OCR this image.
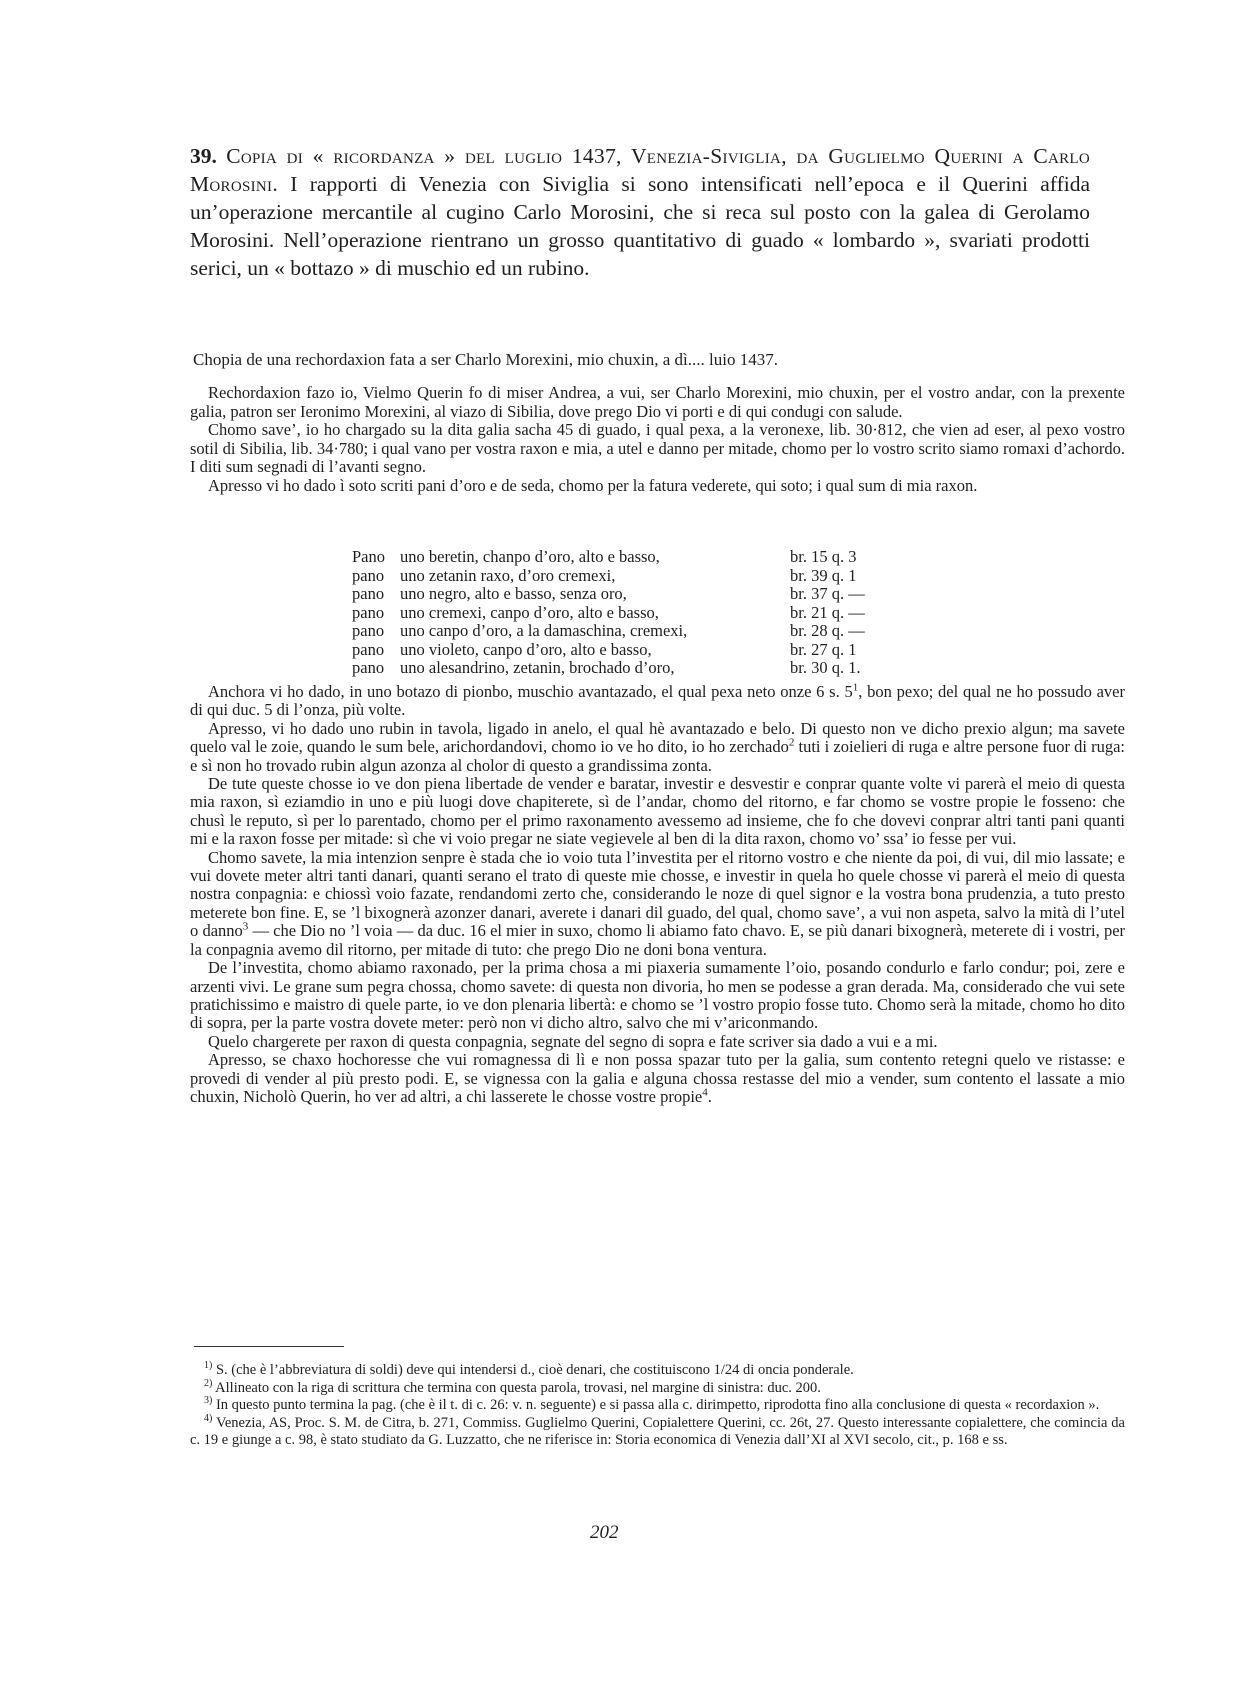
39. Copia di « ricordanza » del luglio 1437, Venezia-Siviglia, da Guglielmo Querini a Carlo Morosini. I rapporti di Venezia con Siviglia si sono intensificati nell’epoca e il Querini affida un’operazione mercantile al cugino Carlo Morosini, che si reca sul posto con la galea di Gerolamo Morosini. Nell’operazione rientrano un grosso quantitativo di guado « lombardo », svariati prodotti serici, un « bottazo » di muschio ed un rubino.
Chopia de una rechordaxion fata a ser Charlo Morexini, mio chuxin, a dì.... luio 1437.

Rechordaxion fazo io, Vielmo Querin fo di miser Andrea, a vui, ser Charlo Morexini, mio chuxin, per el vostro andar, con la prexente galia, patron ser Ieronimo Morexini, al viazo di Sibilia, dove prego Dio vi porti e di qui condugi con salude.

Chomo save’, io ho chargado su la dita galia sacha 45 di guado, i qual pexa, a la veronexe, lib. 30·812, che vien ad eser, al pexo vostro sotil di Sibilia, lib. 34·780; i qual vano per vostra raxon e mia, a utel e danno per mitade, chomo per lo vostro scrito siamo romaxi d’achordo. I diti sum segnadi di l’avanti segno.

Apresso vi ho dado ì soto scriti pani d’oro e de seda, chomo per la fatura vederete, qui soto; i qual sum di mia raxon.

Pano	uno beretin, chanpo d’oro, alto e basso,	br. 15 q. 3
pano	uno zetanin raxo, d’oro cremexi,	br. 39 q. 1
pano	uno negro, alto e basso, senza oro,	br. 37 q. —
pano	uno cremexi, canpo d’oro, alto e basso,	br. 21 q. —
pano	uno canpo d’oro, a la damaschina, cremexi,	br. 28 q. —
pano	uno violeto, canpo d’oro, alto e basso,	br. 27 q. 1
pano	uno alesandrino, zetanin, brochado d’oro,	br. 30 q. 1.

Anchora vi ho dado, in uno botazo di pionbo, muschio avantazado, el qual pexa neto onze 6 s. $5^1$, bon pexo; del qual ne ho possudo aver di qui duc. 5 di l’onza, più volte.

Apresso, vi ho dado uno rubin in tavola, ligado in anelo, el qual hè avantazado e belo. Di questo non ve dicho prexio algun; ma savete quelo val le zoie, quando le sum bele, arichordandovi, chomo io ve ho dito, io ho zerchado$^2$ tuti i zoielieri di ruga e altre persone fuor di ruga: e sì non ho trovado rubin algun azonza al cholor di questo a grandissima zonta.

De tute queste chosse io ve don piena libertade de vender e baratar, investir e desvestir e conprar quante volte vi parerà el meio di questa mia raxon, sì eziamdio in uno e più luogi dove chapiterete, sì de l’andar, chomo del ritorno, e far chomo se vostre propie le fosseno: che chusì le reputo, sì per lo parentado, chomo per el primo raxonamento avessemo ad insieme, che fo che dovevi conprar altri tanti pani quanti mi e la raxon fosse per mitade: sì che vi voio pregar ne siate vegievele al ben di la dita raxon, chomo vo’ ssa’ io fesse per vui.

Chomo savete, la mia intenzion senpre è stada che io voio tuta l’investita per el ritorno vostro e che niente da poi, di vui, dil mio lassate; e vui dovete meter altri tanti danari, quanti serano el trato di queste mie chosse, e investir in quela ho quele chosse vi parerà el meio di questa nostra conpagnia: e chiossì voio fazate, rendandomi zerto che, considerando le noze di quel signor e la vostra bona prudenzia, a tuto presto meterete bon fine. E, se ’l bixognerà azonzer danari, averete i danari dil guado, del qual, chomo save’, a vui non aspeta, salvo la mità di l’utel o danno$^3$ — che Dio no ’l voia — da duc. 16 el mier in suxo, chomo li abiamo fato chavo. E, se più danari bixognerà, meterete di i vostri, per la conpagnia avemo dil ritorno, per mitade di tuto: che prego Dio ne doni bona ventura.

De l’investita, chomo abiamo raxonado, per la prima chosa a mi piaxeria sumamente l’oio, posando condurlo e farlo condur; poi, zere e arzenti vivi. Le grane sum pegra chossa, chomo savete: di questa non divoria, ho men se podesse a gran derada. Ma, considerado che vui sete pratichissimo e maistro di quele parte, io ve don plenaria libertà: e chomo se ’l vostro propio fosse tuto. Chomo serà la mitade, chomo ho dito di sopra, per la parte vostra dovete meter: però non vi dicho altro, salvo che mi v’ariconmando.

Quelo chargerete per raxon di questa conpagnia, segnate del segno di sopra e fate scriver sia dado a vui e a mi.

Apresso, se chaxo hochoresse che vui romagnessa di lì e non possa spazar tuto per la galia, sum contento retegni quelo ve ristasse: e provedi di vender al più presto podi. E, se vignessa con la galia e alguna chossa restasse del mio a vender, sum contento el lassate a mio chuxin, Nicholò Querin, ho ver ad altri, a chi lasserete le chosse vostre propie$^4$.

$^{1)}$ S. (che è l’abbreviatura di soldi) deve qui intendersi d., cioè denari, che costituiscono 1/24 di oncia ponderale.

$^{2)}$ Allineato con la riga di scrittura che termina con questa parola, trovasi, nel margine di sinistra: duc. 200.

$^{3)}$ In questo punto termina la pag. (che è il t. di c. 26: v. n. seguente) e si passa alla c. dirimpetto, riprodotta fino alla conclusione di questa « recordaxion ».

$^{4)}$ Venezia, AS, Proc. S. M. de Citra, b. 271, Commiss. Guglielmo Querini, Copialettere Querini, cc. 26t, 27. Questo interessante copialettere, che comincia da c. 19 e giunge a c. 98, è stato studiato da G. Luzzatto, che ne riferisce in: Storia economica di Venezia dall’XI al XVI secolo, cit., p. 168 e ss.

202
